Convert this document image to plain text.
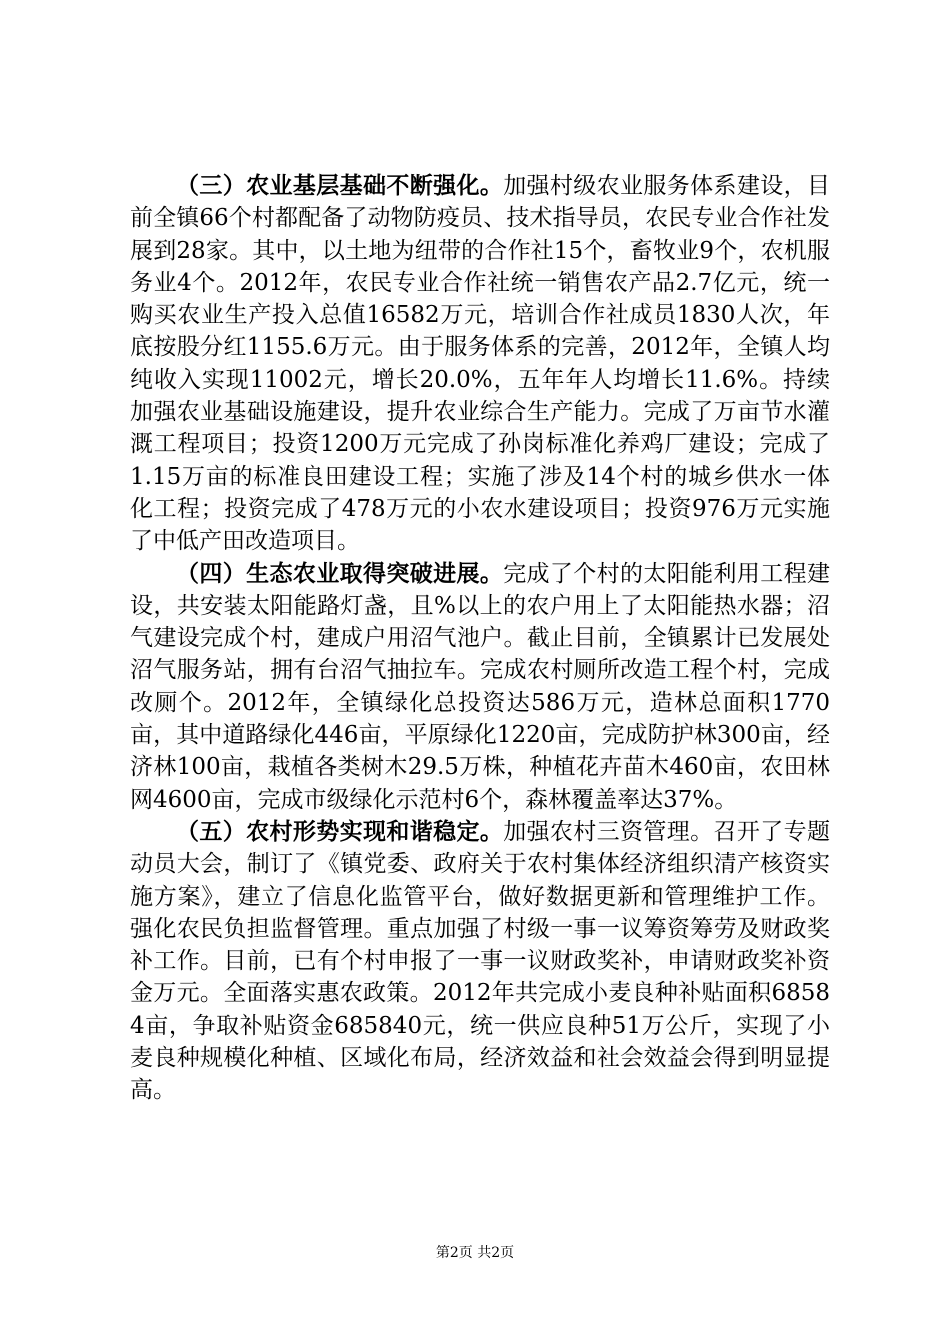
（三）农业基层基础不断强化。加强村级农业服务体系建设，目前全镇66个村都配备了动物防疫员、技术指导员，农民专业合作社发展到28家。其中，以土地为纽带的合作社15个，畜牧业9个，农机服务业4个。2012年，农民专业合作社统一销售农产品2.7亿元，统一购买农业生产投入总值16582万元，培训合作社成员1830人次，年底按股分红1155.6万元。由于服务体系的完善，2012年，全镇人均纯收入实现11002元，增长20.0%，五年年人均增长11.6%。持续加强农业基础设施建设，提升农业综合生产能力。完成了万亩节水灌溉工程项目；投资1200万元完成了孙岗标准化养鸡厂建设；完成了1.15万亩的标准良田建设工程；实施了涉及14个村的城乡供水一体化工程；投资完成了478万元的小农水建设项目；投资976万元实施了中低产田改造项目。

（四）生态农业取得突破进展。完成了个村的太阳能利用工程建设，共安装太阳能路灯盏，且%以上的农户用上了太阳能热水器；沼气建设完成个村，建成户用沼气池户。截止目前，全镇累计已发展处沼气服务站，拥有台沼气抽拉车。完成农村厕所改造工程个村，完成改厕个。2012年，全镇绿化总投资达586万元，造林总面积1770亩，其中道路绿化446亩，平原绿化1220亩，完成防护林300亩，经济林100亩，栽植各类树木29.5万株，种植花卉苗木460亩，农田林网4600亩，完成市级绿化示范村6个，森林覆盖率达37%。

（五）农村形势实现和谐稳定。加强农村三资管理。召开了专题动员大会，制订了《镇党委、政府关于农村集体经济组织清产核资实施方案》，建立了信息化监管平台，做好数据更新和管理维护工作。强化农民负担监督管理。重点加强了村级一事一议筹资筹劳及财政奖补工作。目前，已有个村申报了一事一议财政奖补，申请财政奖补资金万元。全面落实惠农政策。2012年共完成小麦良种补贴面积68584亩，争取补贴资金685840元，统一供应良种51万公斤，实现了小麦良种规模化种植、区域化布局，经济效益和社会效益会得到明显提高。

第2页 共2页
